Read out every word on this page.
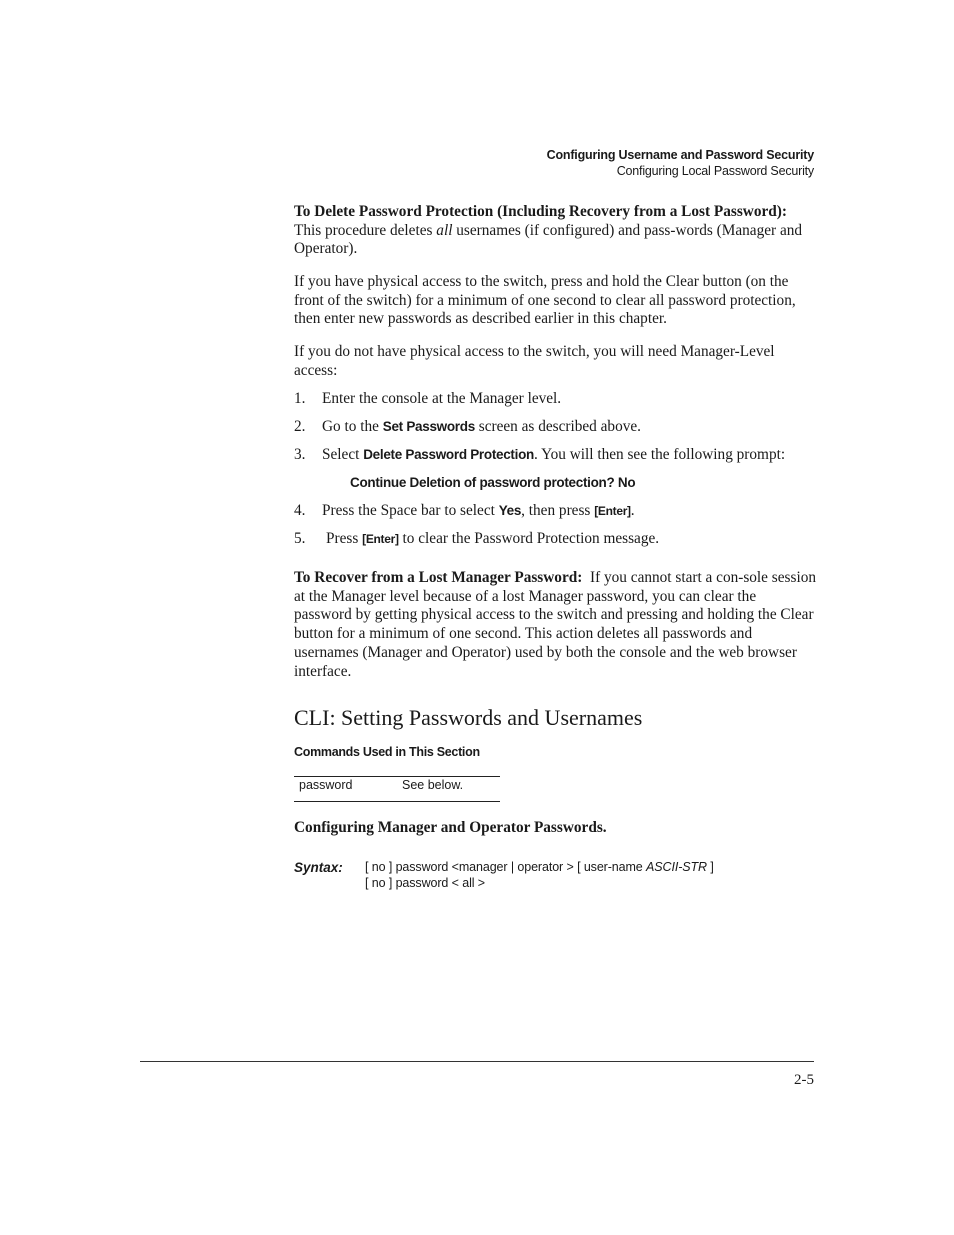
Configuring Username and Password Security
Configuring Local Password Security

To Delete Password Protection (Including Recovery from a Lost Password):  This procedure deletes all usernames (if configured) and pass-words (Manager and Operator).

If you have physical access to the switch, press and hold the Clear button (on the front of the switch) for a minimum of one second to clear all password protection, then enter new passwords as described earlier in this chapter.

If you do not have physical access to the switch, you will need Manager-Level access:

1. Enter the console at the Manager level.
2. Go to the Set Passwords screen as described above.
3. Select Delete Password Protection. You will then see the following prompt:
Continue Deletion of password protection? No
4. Press the Space bar to select Yes, then press [Enter].
5. Press [Enter] to clear the Password Protection message.

To Recover from a Lost Manager Password: If you cannot start a con-sole session at the Manager level because of a lost Manager password, you can clear the password by getting physical access to the switch and pressing and holding the Clear button for a minimum of one second. This action deletes all passwords and usernames (Manager and Operator) used by both the console and the web browser interface.

CLI: Setting Passwords and Usernames
Commands Used in This Section
password	See below.
Configuring Manager and Operator Passwords.
Syntax: [ no ] password <manager | operator > [ user-name ASCII-STR ]
[ no ] password < all >
2-5
